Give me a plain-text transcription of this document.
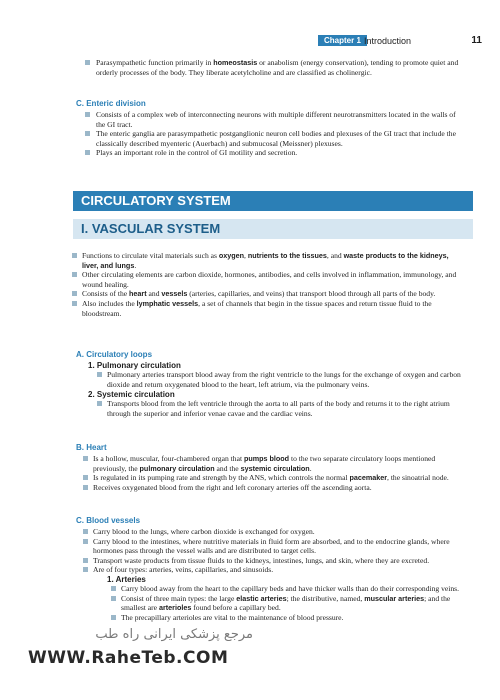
Chapter 1 Introduction	11
Parasympathetic function primarily in homeostasis or anabolism (energy conservation), tending to promote quiet and orderly processes of the body. They liberate acetylcholine and are classified as cholinergic.
C. Enteric division
Consists of a complex web of interconnecting neurons with multiple different neurotransmitters located in the walls of the GI tract.
The enteric ganglia are parasympathetic postganglionic neuron cell bodies and plexuses of the GI tract that include the classically described myenteric (Auerbach) and submucosal (Meissner) plexuses.
Plays an important role in the control of GI motility and secretion.
CIRCULATORY SYSTEM
I. VASCULAR SYSTEM
Functions to circulate vital materials such as oxygen, nutrients to the tissues, and waste products to the kidneys, liver, and lungs.
Other circulating elements are carbon dioxide, hormones, antibodies, and cells involved in inflammation, immunology, and wound healing.
Consists of the heart and vessels (arteries, capillaries, and veins) that transport blood through all parts of the body.
Also includes the lymphatic vessels, a set of channels that begin in the tissue spaces and return tissue fluid to the bloodstream.
A. Circulatory loops
1. Pulmonary circulation
Pulmonary arteries transport blood away from the right ventricle to the lungs for the exchange of oxygen and carbon dioxide and return oxygenated blood to the heart, left atrium, via the pulmonary veins.
2. Systemic circulation
Transports blood from the left ventricle through the aorta to all parts of the body and returns it to the right atrium through the superior and inferior venae cavae and the cardiac veins.
B. Heart
Is a hollow, muscular, four-chambered organ that pumps blood to the two separate circulatory loops mentioned previously, the pulmonary circulation and the systemic circulation.
Is regulated in its pumping rate and strength by the ANS, which controls the normal pacemaker, the sinoatrial node.
Receives oxygenated blood from the right and left coronary arteries off the ascending aorta.
C. Blood vessels
Carry blood to the lungs, where carbon dioxide is exchanged for oxygen.
Carry blood to the intestines, where nutritive materials in fluid form are absorbed, and to the endocrine glands, where hormones pass through the vessel walls and are distributed to target cells.
Transport waste products from tissue fluids to the kidneys, intestines, lungs, and skin, where they are excreted.
Are of four types: arteries, veins, capillaries, and sinusoids.
1. Arteries
Carry blood away from the heart to the capillary beds and have thicker walls than do their corresponding veins.
Consist of three main types: the large elastic arteries; the distributive, named, muscular arteries; and the smallest are arterioles found before a capillary bed.
The precapillary arterioles are vital to the maintenance of blood pressure.
مرجع پزشکی ایرانی راه طب
WWW.RaheTeb.COM
